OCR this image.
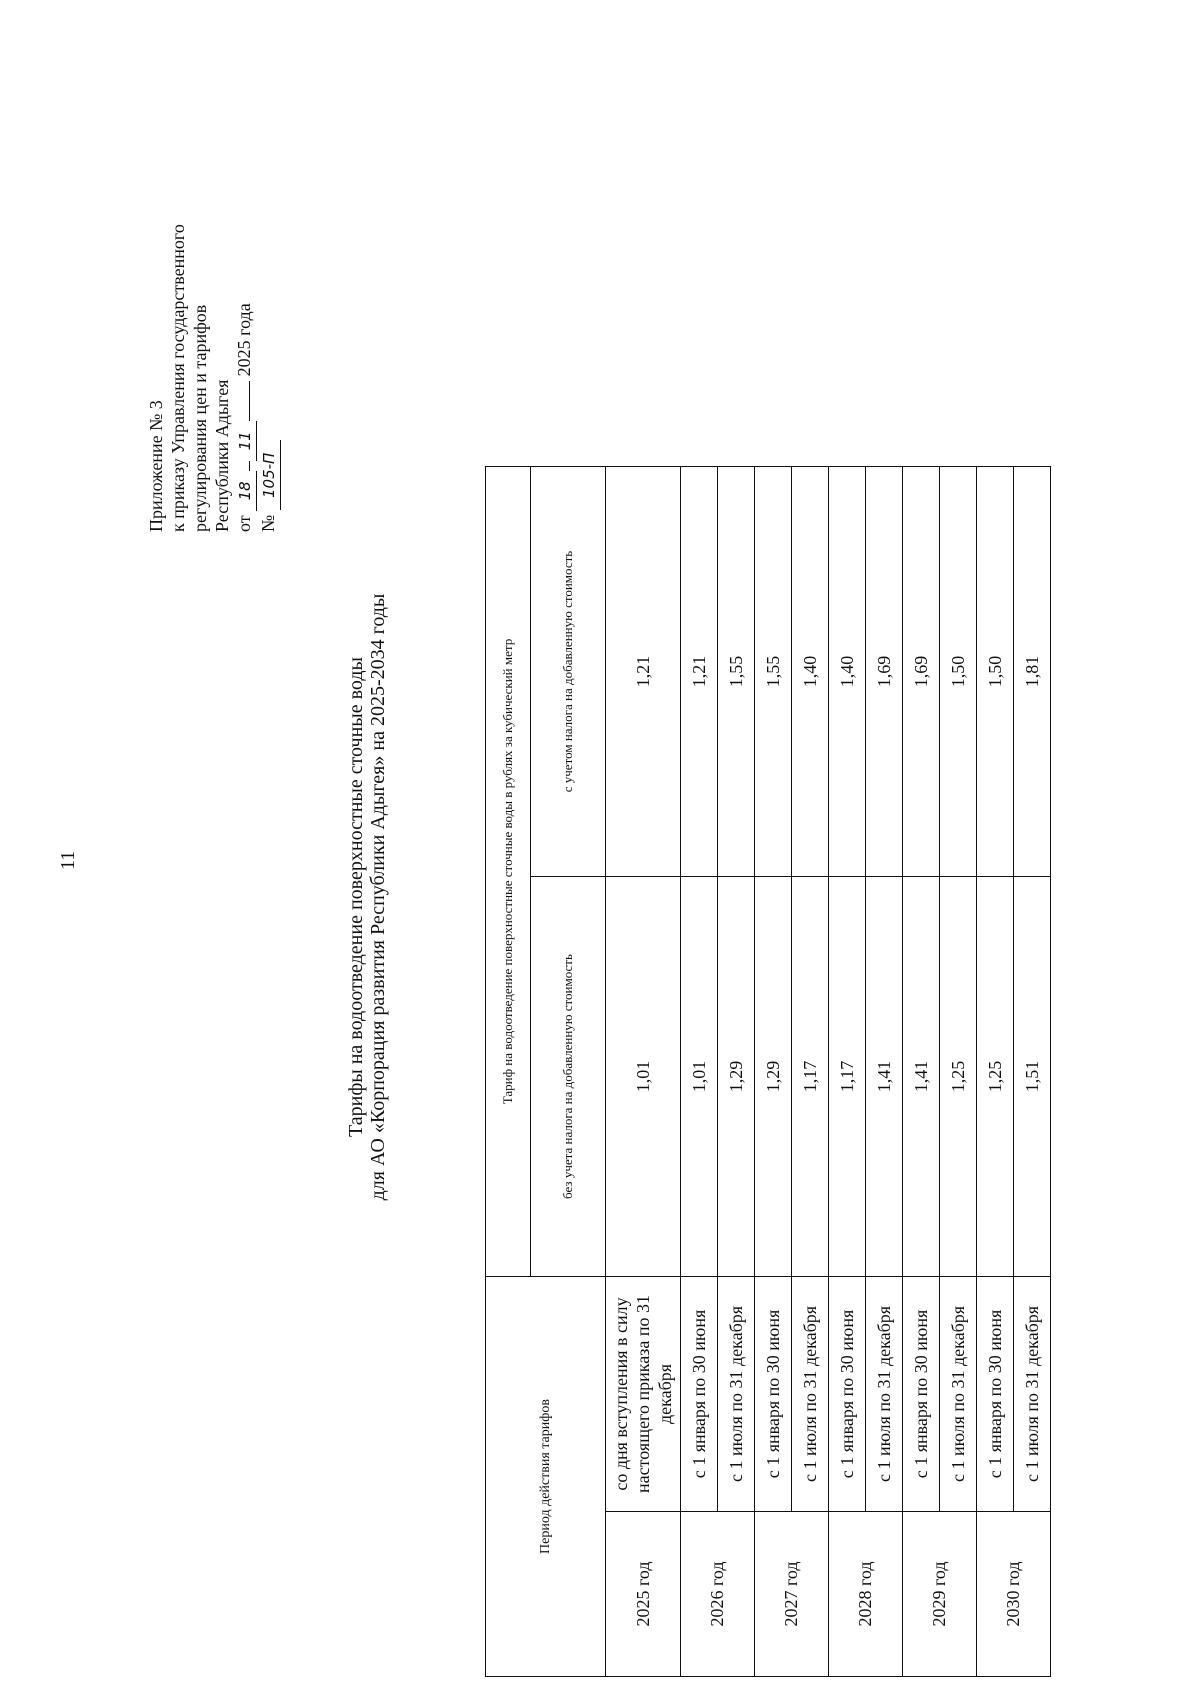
11
Приложение № 3 к приказу Управления государственного регулирования цен и тарифов Республики Адыгея от 1811 2025 года
№ 105-П
Тарифы на водоотведение поверхностные сточные воды для АО «Корпорация развития Республики Адыгея» на 2025-2034 годы
Период действия тарифов		Тариф на водоотведение поверхностные сточные воды в рублях за кубический метр	
		без учета налога на добавленную стоимость	с учетом налога на добавленную стоимость
2025 год	со дня вступления в силу настоящего приказа по 31 декабря	1,01	1,21
2026 год	с 1 января по 30 июня	1,01	1,21
	с 1 июля по 31 декабря	1,29	1,55
2027 год	с 1 января по 30 июня	1,29	1,55
	с 1 июля по 31 декабря	1,17	1,40
2028 год	с 1 января по 30 июня	1,17	1,40
	с 1 июля по 31 декабря	1,41	1,69
2029 год	с 1 января по 30 июня	1,41	1,69
	с 1 июля по 31 декабря	1,25	1,50
2030 год	с 1 января по 30 июня	1,25	1,50
	с 1 июля по 31 декабря	1,51	1,81
